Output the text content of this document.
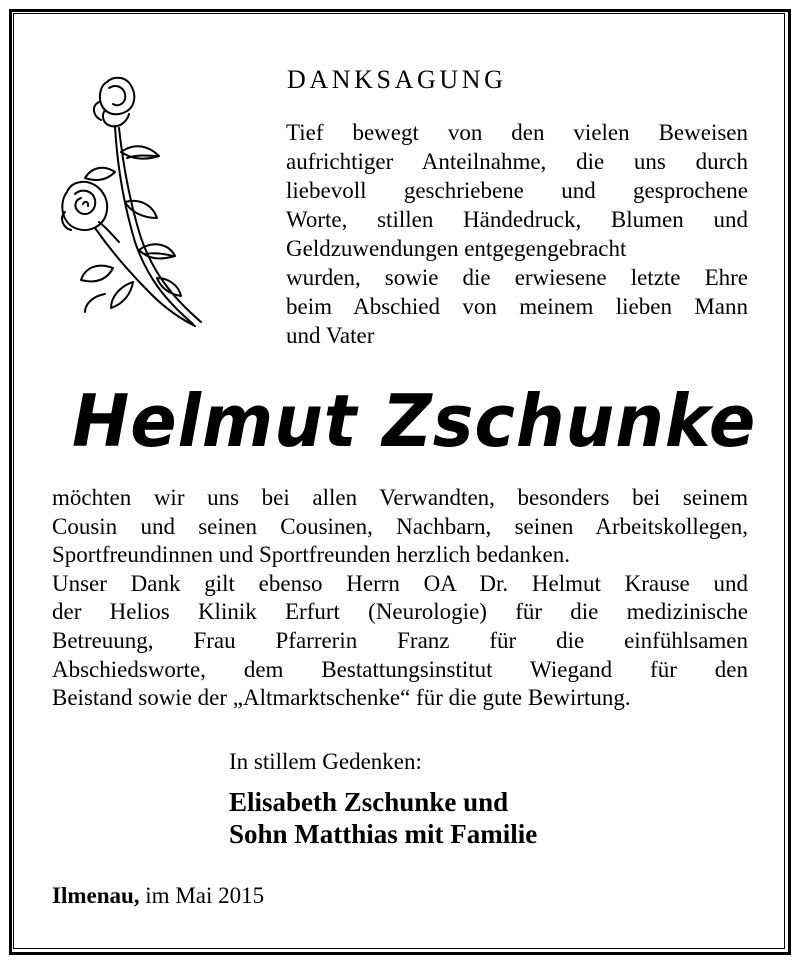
DANKSAGUNG

Tief bewegt von den vielen Beweisen
aufrichtiger Anteilnahme, die uns durch
liebevoll geschriebene und gesprochene
Worte, stillen Händedruck, Blumen und
Geldzuwendungen entgegengebracht
wurden, sowie die erwiesene letzte Ehre
beim Abschied von meinem lieben Mann
und Vater

Helmut Zschunke

möchten wir uns bei allen Verwandten, besonders bei seinem
Cousin und seinen Cousinen, Nachbarn, seinen Arbeitskollegen,
Sportfreundinnen und Sportfreunden herzlich bedanken.
Unser Dank gilt ebenso Herrn OA Dr. Helmut Krause und
der Helios Klinik Erfurt (Neurologie) für die medizinische
Betreuung, Frau Pfarrerin Franz für die einfühlsamen
Abschiedsworte, dem Bestattungsinstitut Wiegand für den
Beistand sowie der „Altmarktschenke“ für die gute Bewirtung.

In stillem Gedenken:

Elisabeth Zschunke und
Sohn Matthias mit Familie

Ilmenau, im Mai 2015
